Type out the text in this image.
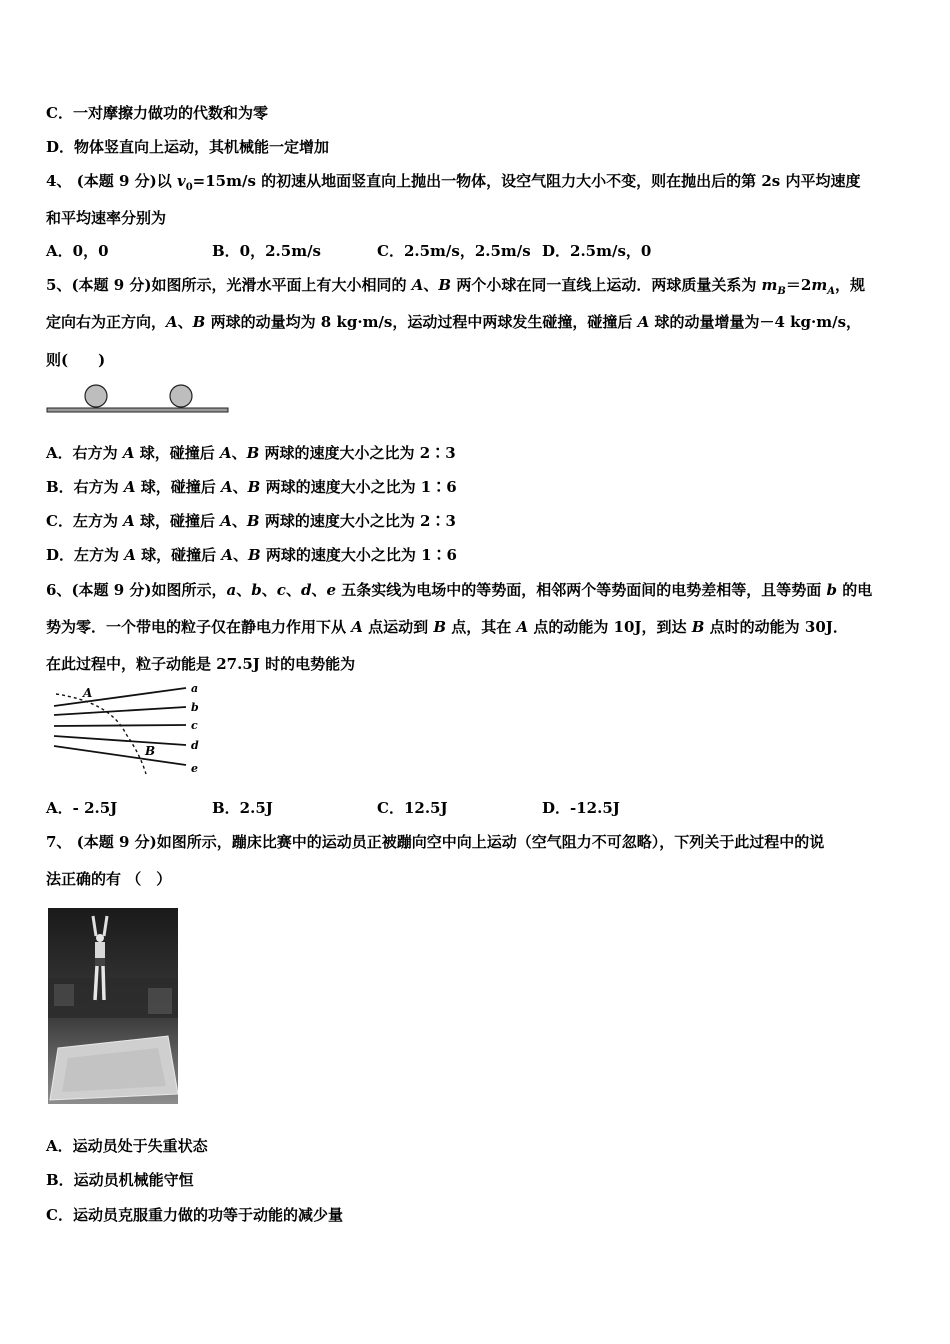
C．一对摩擦力做功的代数和为零
D．物体竖直向上运动，其机械能一定增加
4、 (本题 9 分)以 $v_0=15m/s$ 的初速从地面竖直向上抛出一物体，设空气阻力大小不变，则在抛出后的第 2s 内平均速度
和平均速率分别为
A．0，0	B．0，2.5m/s	C．2.5m/s，2.5m/s D．2.5m/s，0
5、(本题 9 分)如图所示，光滑水平面上有大小相同的 A、B 两个小球在同一直线上运动．两球质量关系为 $m_B=2m_A$，规
定向右为正方向，A、B 两球的动量均为 8 kg·m/s，运动过程中两球发生碰撞，碰撞后 A 球的动量增量为－4 kg·m/s，
则(　　)
A．右方为 A 球，碰撞后 A、B 两球的速度大小之比为 2∶3
B．右方为 A 球，碰撞后 A、B 两球的速度大小之比为 1∶6
C．左方为 A 球，碰撞后 A、B 两球的速度大小之比为 2∶3
D．左方为 A 球，碰撞后 A、B 两球的速度大小之比为 1∶6
6、(本题 9 分)如图所示，a、b、c、d、e 五条实线为电场中的等势面，相邻两个等势面间的电势差相等，且等势面 b 的电
势为零．一个带电的粒子仅在静电力作用下从 A 点运动到 B 点，其在 A 点的动能为 10J，到达 B 点时的动能为 30J．
在此过程中，粒子动能是 27.5J 时的电势能为
a
b
c
d
e
A
B
A．- 2.5J	B．2.5J	C．12.5J	D．-12.5J
7、 (本题 9 分)如图所示，蹦床比赛中的运动员正被蹦向空中向上运动（空气阻力不可忽略），下列关于此过程中的说
法正确的有 （　）
A．运动员处于失重状态
B．运动员机械能守恒
C．运动员克服重力做的功等于动能的减少量
